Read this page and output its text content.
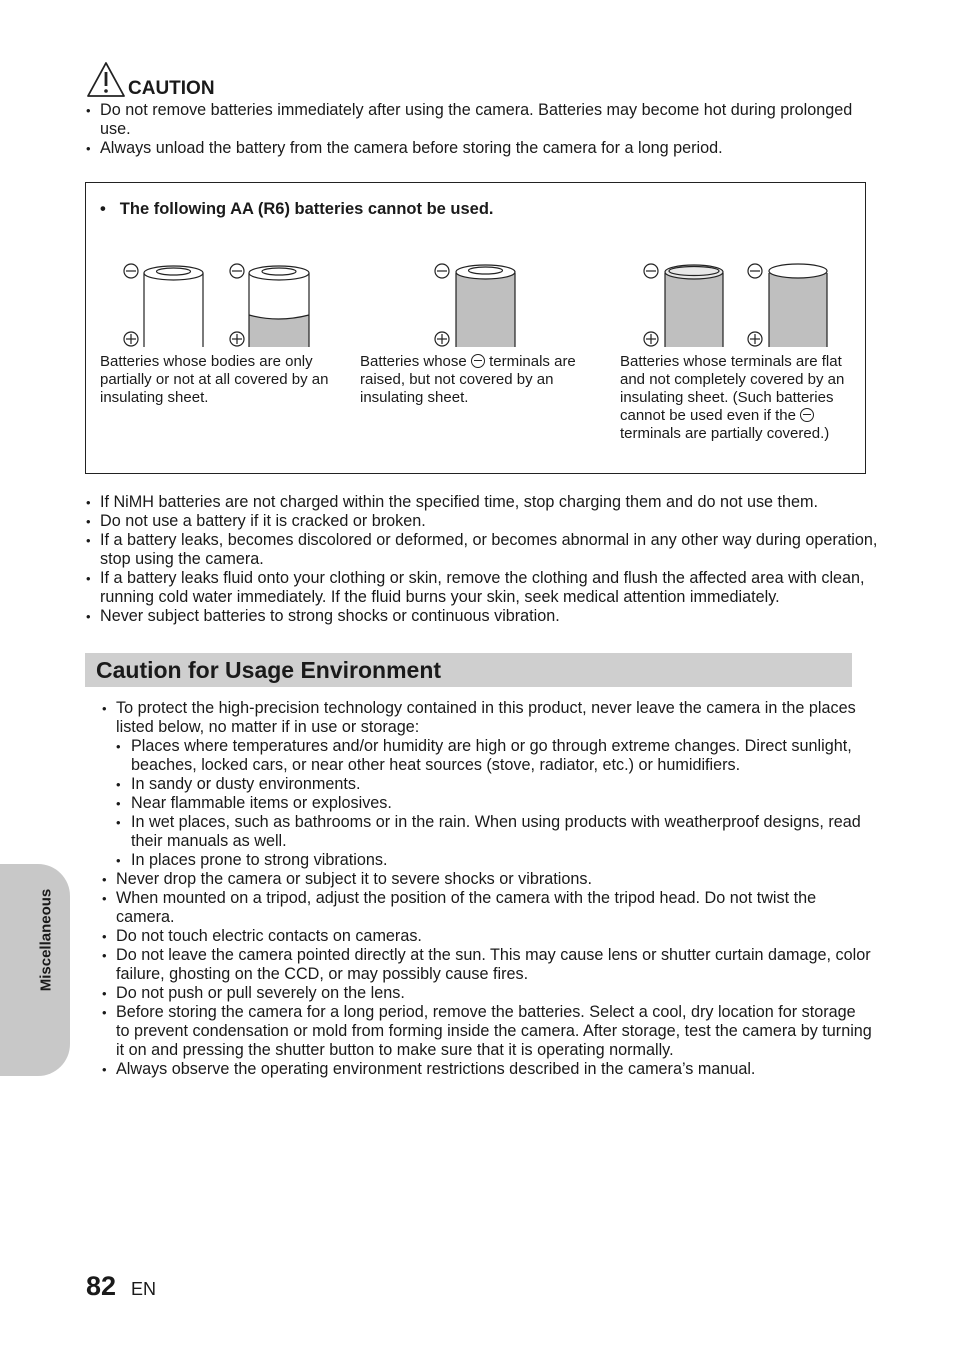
CAUTION
• Do not remove batteries immediately after using the camera. Batteries may become hot during prolonged use.
• Always unload the battery from the camera before storing the camera for a long period.
• The following AA (R6) batteries cannot be used.
Batteries whose bodies are only partially or not at all covered by an insulating sheet.
Batteries whose terminals are raised, but not covered by an insulating sheet.
Batteries whose terminals are flat and not completely covered by an insulating sheet. (Such batteries cannot be used even if the  terminals are partially covered.)
• If NiMH batteries are not charged within the specified time, stop charging them and do not use them.
• Do not use a battery if it is cracked or broken.
• If a battery leaks, becomes discolored or deformed, or becomes abnormal in any other way during operation, stop using the camera.
• If a battery leaks fluid onto your clothing or skin, remove the clothing and flush the affected area with clean, running cold water immediately. If the fluid burns your skin, seek medical attention immediately.
• Never subject batteries to strong shocks or continuous vibration.
Caution for Usage Environment
• To protect the high-precision technology contained in this product, never leave the camera in the places listed below, no matter if in use or storage:
• Places where temperatures and/or humidity are high or go through extreme changes. Direct sunlight, beaches, locked cars, or near other heat sources (stove, radiator, etc.) or humidifiers.
• In sandy or dusty environments.
• Near flammable items or explosives.
• In wet places, such as bathrooms or in the rain. When using products with weatherproof designs, read their manuals as well.
• In places prone to strong vibrations.
• Never drop the camera or subject it to severe shocks or vibrations.
• When mounted on a tripod, adjust the position of the camera with the tripod head. Do not twist the camera.
• Do not touch electric contacts on cameras.
• Do not leave the camera pointed directly at the sun. This may cause lens or shutter curtain damage, color failure, ghosting on the CCD, or may possibly cause fires.
• Do not push or pull severely on the lens.
• Before storing the camera for a long period, remove the batteries. Select a cool, dry location for storage to prevent condensation or mold from forming inside the camera. After storage, test the camera by turning it on and pressing the shutter button to make sure that it is operating normally.
• Always observe the operating environment restrictions described in the camera’s manual.
Miscellaneous
82 EN
